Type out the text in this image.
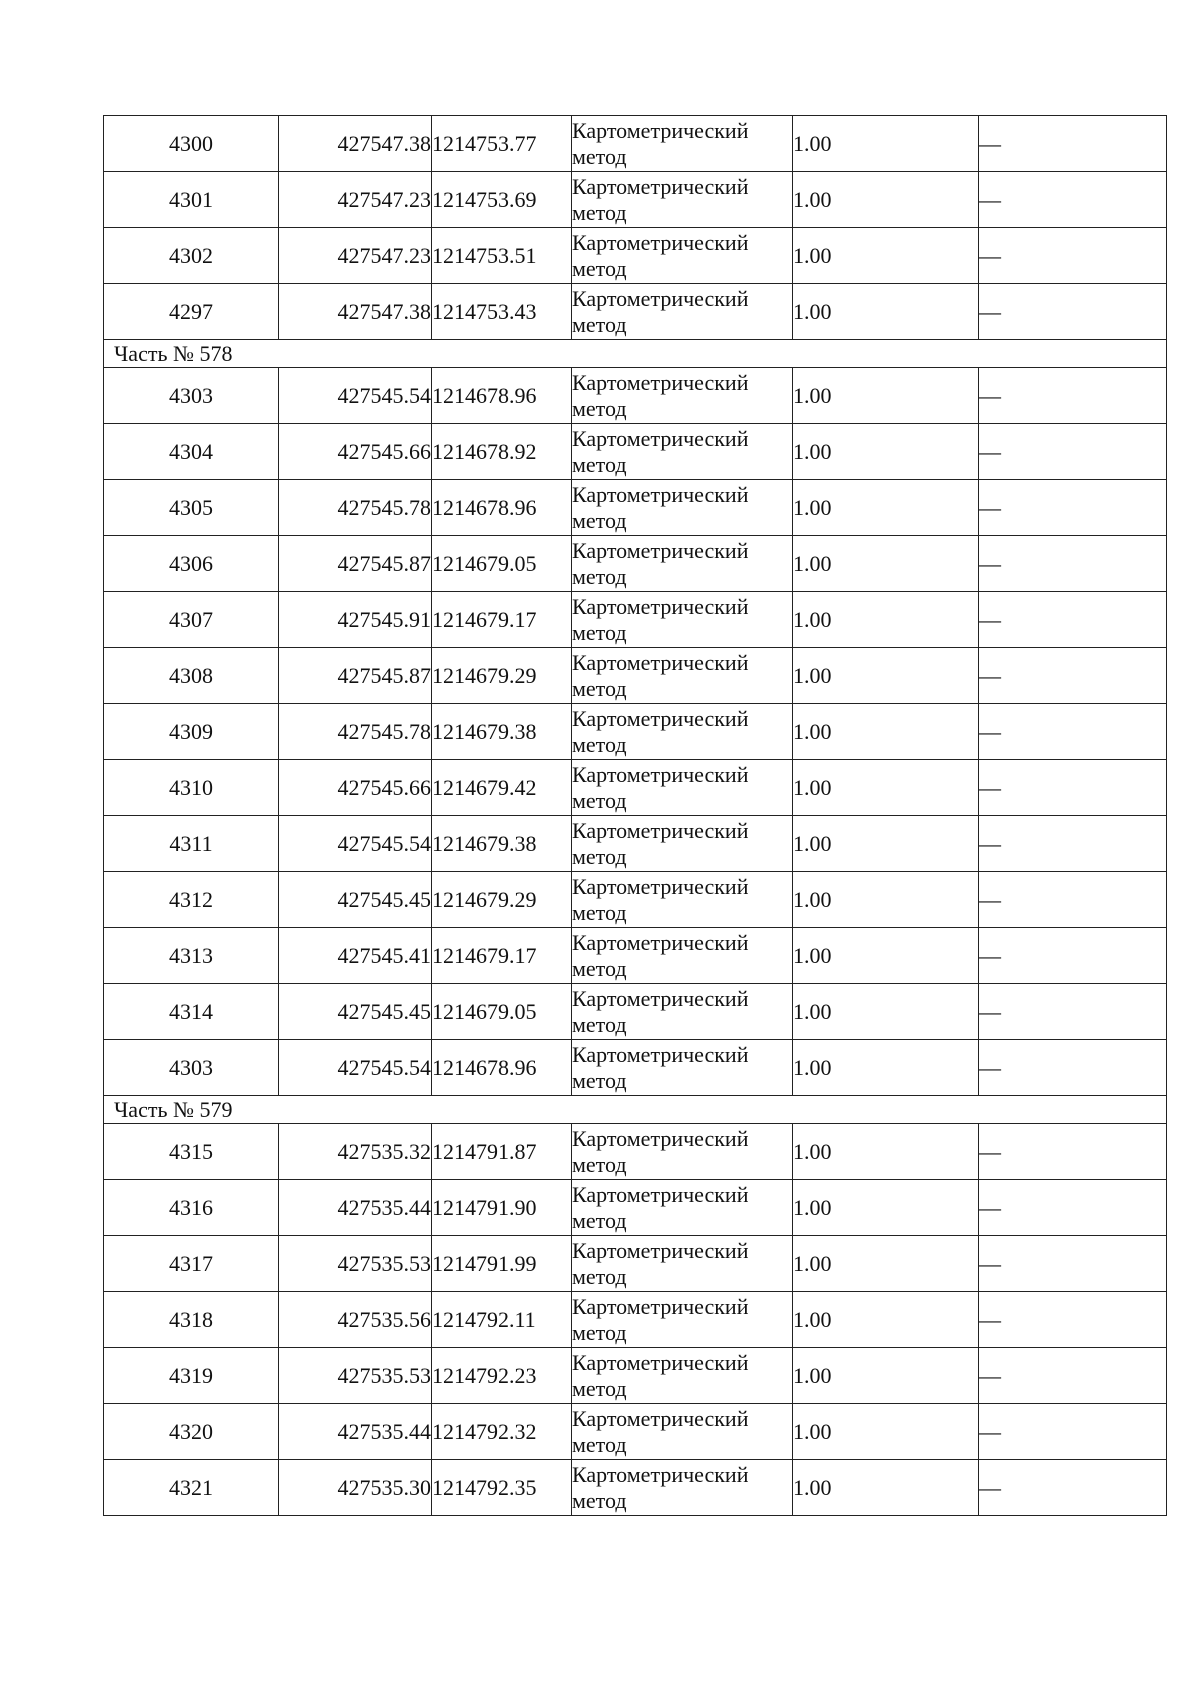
4300	427547.38	1214753.77	Картометрический
метод	1.00	—
4301	427547.23	1214753.69	Картометрический
метод	1.00	—
4302	427547.23	1214753.51	Картометрический
метод	1.00	—
4297	427547.38	1214753.43	Картометрический
метод	1.00	—
Часть № 578					
4303	427545.54	1214678.96	Картометрический
метод	1.00	—
4304	427545.66	1214678.92	Картометрический
метод	1.00	—
4305	427545.78	1214678.96	Картометрический
метод	1.00	—
4306	427545.87	1214679.05	Картометрический
метод	1.00	—
4307	427545.91	1214679.17	Картометрический
метод	1.00	—
4308	427545.87	1214679.29	Картометрический
метод	1.00	—
4309	427545.78	1214679.38	Картометрический
метод	1.00	—
4310	427545.66	1214679.42	Картометрический
метод	1.00	—
4311	427545.54	1214679.38	Картометрический
метод	1.00	—
4312	427545.45	1214679.29	Картометрический
метод	1.00	—
4313	427545.41	1214679.17	Картометрический
метод	1.00	—
4314	427545.45	1214679.05	Картометрический
метод	1.00	—
4303	427545.54	1214678.96	Картометрический
метод	1.00	—
Часть № 579					
4315	427535.32	1214791.87	Картометрический
метод	1.00	—
4316	427535.44	1214791.90	Картометрический
метод	1.00	—
4317	427535.53	1214791.99	Картометрический
метод	1.00	—
4318	427535.56	1214792.11	Картометрический
метод	1.00	—
4319	427535.53	1214792.23	Картометрический
метод	1.00	—
4320	427535.44	1214792.32	Картометрический
метод	1.00	—
4321	427535.30	1214792.35	Картометрический
метод	1.00	—
